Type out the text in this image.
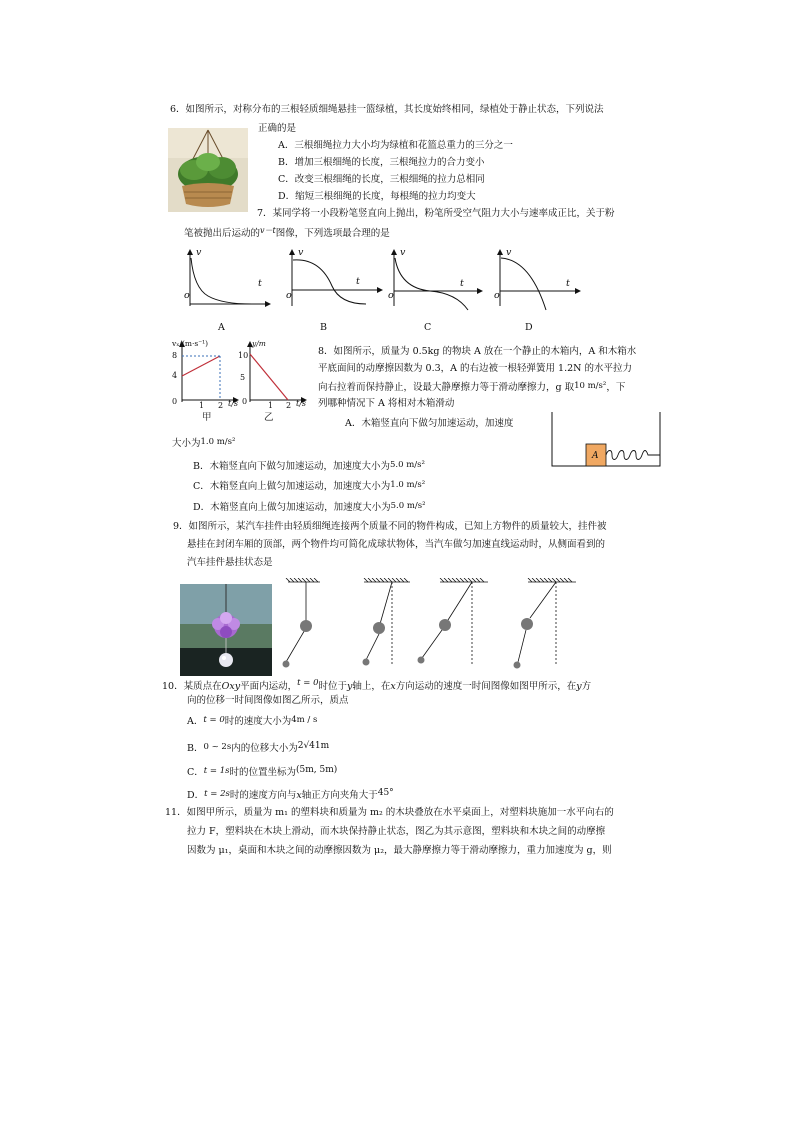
6．如图所示，对称分布的三根轻质细绳悬挂一篮绿植，其长度始终相同，绿植处于静止状态，下列说法
正确的是
A．三根细绳拉力大小均为绿植和花篮总重力的三分之一
B．增加三根细绳的长度，三根绳拉力的合力变小
C．改变三根细绳的长度，三根细绳的拉力总相同
D．缩短三根细绳的长度，每根绳的拉力均变大
7．某同学将一小段粉笔竖直向上抛出，粉笔所受空气阻力大小与速率成正比，关于粉
笔被抛出后运动的$^{v-t}$图像，下列选项最合理的是
v
o
t
v
o
t
v
o
t
v
o
t
A	B	C	D
vₓ/(m·s⁻¹)
8
4
0	1 2 t/s
甲
y/m
10
5
0	1 2 t/s
乙
8．如图所示，质量为 0.5kg 的物块 A 放在一个静止的木箱内，A 和木箱水
平底面间的动摩擦因数为 0.3，A 的右边被一根轻弹簧用 1.2N 的水平拉力
向右拉着而保持静止，设最大静摩擦力等于滑动摩擦力，g 取10 m/s²，下
列哪种情况下 A 将相对木箱滑动
A．木箱竖直向下做匀加速运动，加速度
大小为1.0 m/s²
A
B．木箱竖直向下做匀加速运动，加速度大小为5.0 m/s²
C．木箱竖直向上做匀加速运动，加速度大小为1.0 m/s²
D．木箱竖直向上做匀加速运动，加速度大小为5.0 m/s²
9．如图所示，某汽车挂件由轻质细绳连接两个质量不同的物件构成，已知上方物件的质量较大，挂件被
悬挂在封闭车厢的顶部，两个物件均可简化成球状物体，当汽车做匀加速直线运动时，从侧面看到的
汽车挂件悬挂状态是
10．某质点在Oxy平面内运动，t = 0时位于y轴上，在x方向运动的速度一时间图像如图甲所示，在y方
向的位移一时间图像如图乙所示，质点
A．t = 0时的速度大小为4m / s
B．0 ~ 2s内的位移大小为2√41m
C．t = 1s时的位置坐标为(5m, 5m)
D．t = 2s时的速度方向与x轴正方向夹角大于45°
11．如图甲所示，质量为 m₁ 的塑料块和质量为 m₂ 的木块叠放在水平桌面上，对塑料块施加一水平向右的
拉力 F，塑料块在木块上滑动，而木块保持静止状态，图乙为其示意图，塑料块和木块之间的动摩擦
因数为 μ₁，桌面和木块之间的动摩擦因数为 μ₂，最大静摩擦力等于滑动摩擦力，重力加速度为 g，则
